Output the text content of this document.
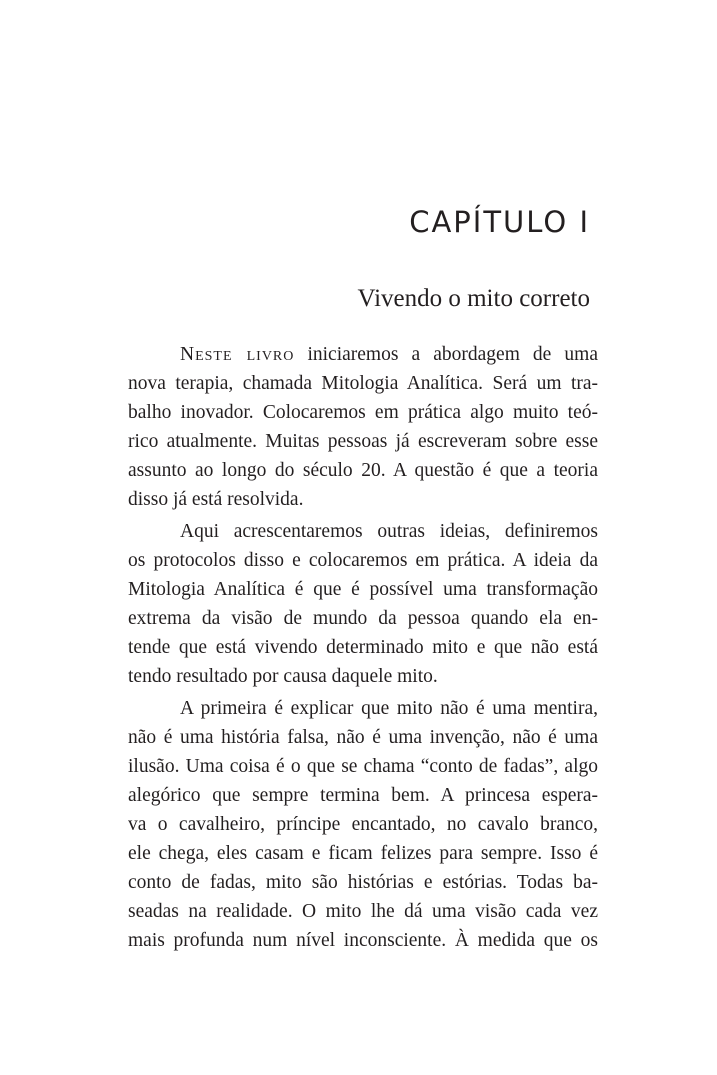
CAPÍTULO I
Vivendo o mito correto
Neste livro iniciaremos a abordagem de uma
nova terapia, chamada Mitologia Analítica. Será um tra-
balho inovador. Colocaremos em prática algo muito teó-
rico atualmente. Muitas pessoas já escreveram sobre esse
assunto ao longo do século 20. A questão é que a teoria
disso já está resolvida.
Aqui acrescentaremos outras ideias, definiremos
os protocolos disso e colocaremos em prática. A ideia da
Mitologia Analítica é que é possível uma transformação
extrema da visão de mundo da pessoa quando ela en-
tende que está vivendo determinado mito e que não está
tendo resultado por causa daquele mito.
A primeira é explicar que mito não é uma mentira,
não é uma história falsa, não é uma invenção, não é uma
ilusão. Uma coisa é o que se chama “conto de fadas”, algo
alegórico que sempre termina bem. A princesa espera-
va o cavalheiro, príncipe encantado, no cavalo branco,
ele chega, eles casam e ficam felizes para sempre. Isso é
conto de fadas, mito são histórias e estórias. Todas ba-
seadas na realidade. O mito lhe dá uma visão cada vez
mais profunda num nível inconsciente. À medida que os
